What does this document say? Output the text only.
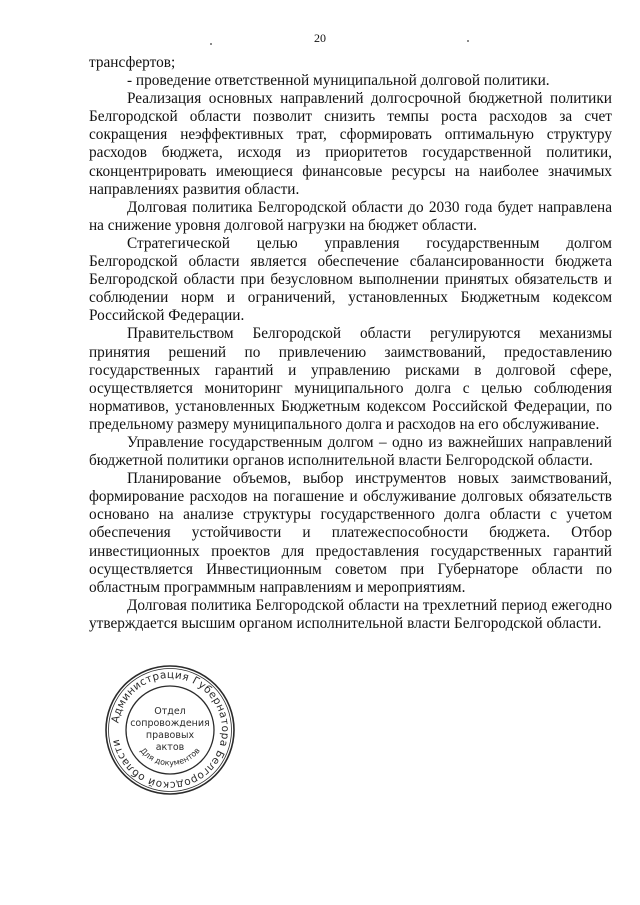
20

трансфертов;

- проведение ответственной муниципальной долговой политики.

Реализация основных направлений долгосрочной бюджетной политики Белгородской области позволит снизить темпы роста расходов за счет сокращения неэффективных трат, сформировать оптимальную структуру расходов бюджета, исходя из приоритетов государственной политики, сконцентрировать имеющиеся финансовые ресурсы на наиболее значимых направлениях развития области.

Долговая политика Белгородской области до 2030 года будет направлена на снижение уровня долговой нагрузки на бюджет области.

Стратегической целью управления государственным долгом Белгородской области является обеспечение сбалансированности бюджета Белгородской области при безусловном выполнении принятых обязательств и соблюдении норм и ограничений, установленных Бюджетным кодексом Российской Федерации.

Правительством Белгородской области регулируются механизмы принятия решений по привлечению заимствований, предоставлению государственных гарантий и управлению рисками в долговой сфере, осуществляется мониторинг муниципального долга с целью соблюдения нормативов, установленных Бюджетным кодексом Российской Федерации, по предельному размеру муниципального долга и расходов на его обслуживание.

Управление государственным долгом – одно из важнейших направлений бюджетной политики органов исполнительной власти Белгородской области.

Планирование объемов, выбор инструментов новых заимствований, формирование расходов на погашение и обслуживание долговых обязательств основано на анализе структуры государственного долга области с учетом обеспечения устойчивости и платежеспособности бюджета. Отбор инвестиционных проектов для предоставления государственных гарантий осуществляется Инвестиционным советом при Губернаторе области по областным программным направлениям и мероприятиям.

Долговая политика Белгородской области на трехлетний период ежегодно утверждается высшим органом исполнительной власти Белгородской области.

Администрация Губернатора Белгородской области
Для документов
Отдел
сопровождения
правовых
актов
